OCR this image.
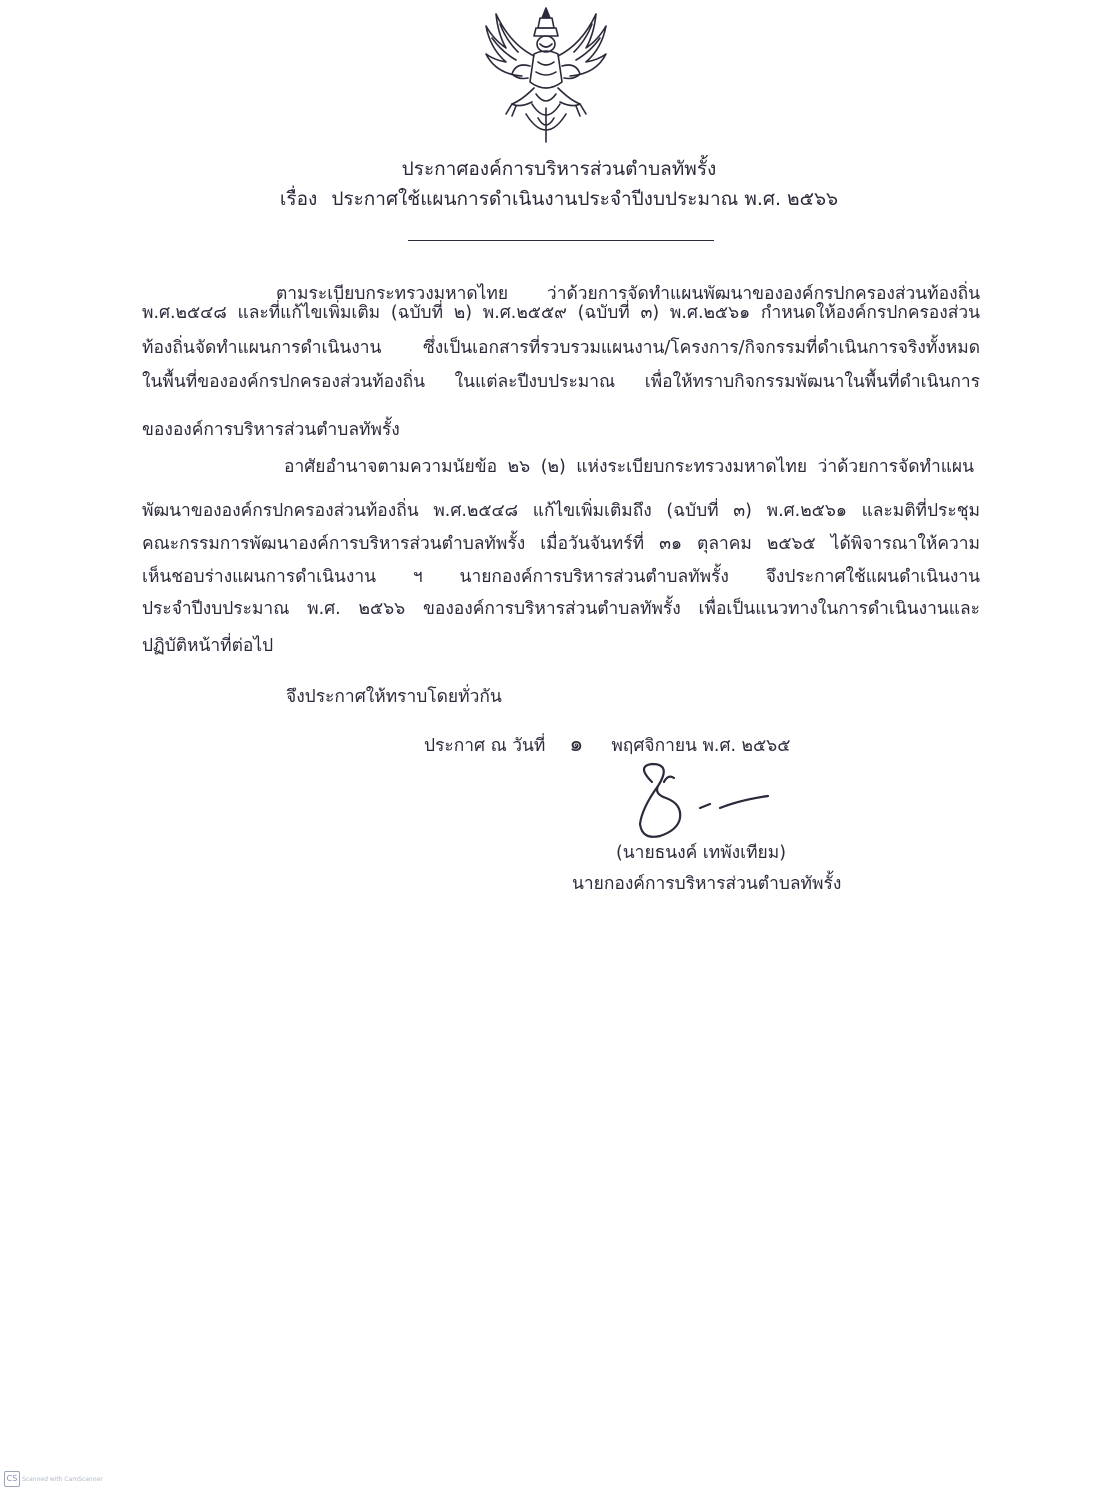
ประกาศองค์การบริหารส่วนตำบลทัพรั้ง
เรื่อง ประกาศใช้แผนการดำเนินงานประจำปีงบประมาณ พ.ศ. ๒๕๖๖
ตามระเบียบกระทรวงมหาดไทย ว่าด้วยการจัดทำแผนพัฒนาขององค์กรปกครองส่วนท้องถิ่น
พ.ศ.๒๕๔๘ และที่แก้ไขเพิ่มเติม (ฉบับที่ ๒) พ.ศ.๒๕๕๙ (ฉบับที่ ๓) พ.ศ.๒๕๖๑ กำหนดให้องค์กรปกครองส่วน
ท้องถิ่นจัดทำแผนการดำเนินงาน ซึ่งเป็นเอกสารที่รวบรวมแผนงาน/โครงการ/กิจกรรมที่ดำเนินการจริงทั้งหมด
ในพื้นที่ขององค์กรปกครองส่วนท้องถิ่น ในแต่ละปีงบประมาณ เพื่อให้ทราบกิจกรรมพัฒนาในพื้นที่ดำเนินการ
ขององค์การบริหารส่วนตำบลทัพรั้ง
อาศัยอำนาจตามความนัยข้อ ๒๖ (๒) แห่งระเบียบกระทรวงมหาดไทย ว่าด้วยการจัดทำแผน
พัฒนาขององค์กรปกครองส่วนท้องถิ่น พ.ศ.๒๕๔๘ แก้ไขเพิ่มเติมถึง (ฉบับที่ ๓) พ.ศ.๒๕๖๑ และมติที่ประชุม
คณะกรรมการพัฒนาองค์การบริหารส่วนตำบลทัพรั้ง เมื่อวันจันทร์ที่ ๓๑ ตุลาคม ๒๕๖๕ ได้พิจารณาให้ความ
เห็นชอบร่างแผนการดำเนินงาน ฯ นายกองค์การบริหารส่วนตำบลทัพรั้ง จึงประกาศใช้แผนดำเนินงาน
ประจำปีงบประมาณ พ.ศ. ๒๕๖๖ ขององค์การบริหารส่วนตำบลทัพรั้ง เพื่อเป็นแนวทางในการดำเนินงานและ
ปฏิบัติหน้าที่ต่อไป
จึงประกาศให้ทราบโดยทั่วกัน
ประกาศ ณ วันที่ ๑ พฤศจิกายน พ.ศ. ๒๕๖๕
(นายธนงค์ เทพังเทียม)
นายกองค์การบริหารส่วนตำบลทัพรั้ง
CS Scanned with CamScanner
